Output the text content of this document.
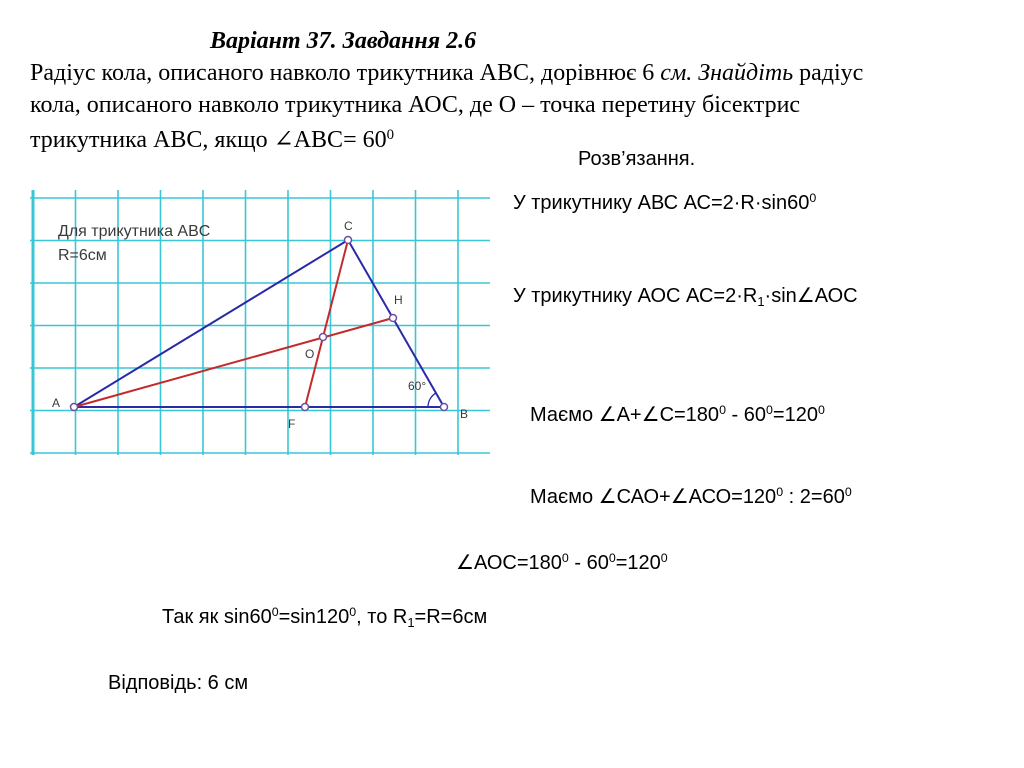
Варіант 37. Завдання 2.6
Радіус кола, описаного навколо трикутника АВС, дорівнює 6 см. Знайдіть радіус
кола, описаного навколо трикутника АОС, де О – точка перетину бісектрис
трикутника АВС, якщо ∠АВС= $60^0$
Розв’язання.
У трикутнику АВС $АС=2\cdot R\cdot\sin 60^0$
У трикутнику АОС $АС=2\cdot R_1\cdot\sin\angle АОС$
Маємо $\angle А+\angle С=180^0 - 60^0=120^0$
Маємо $\angle САО+\angle АСО=120^0$ : $2=60^0$
$\angle АОС=180^0 - 60^0=120^0$
Так як $\sin 60^0=\sin 120^0$, то $R_1=R=6см$
Відповідь: 6 см
Для трикутника ABC
R=6см
A
B
C
H
O
F
60°
